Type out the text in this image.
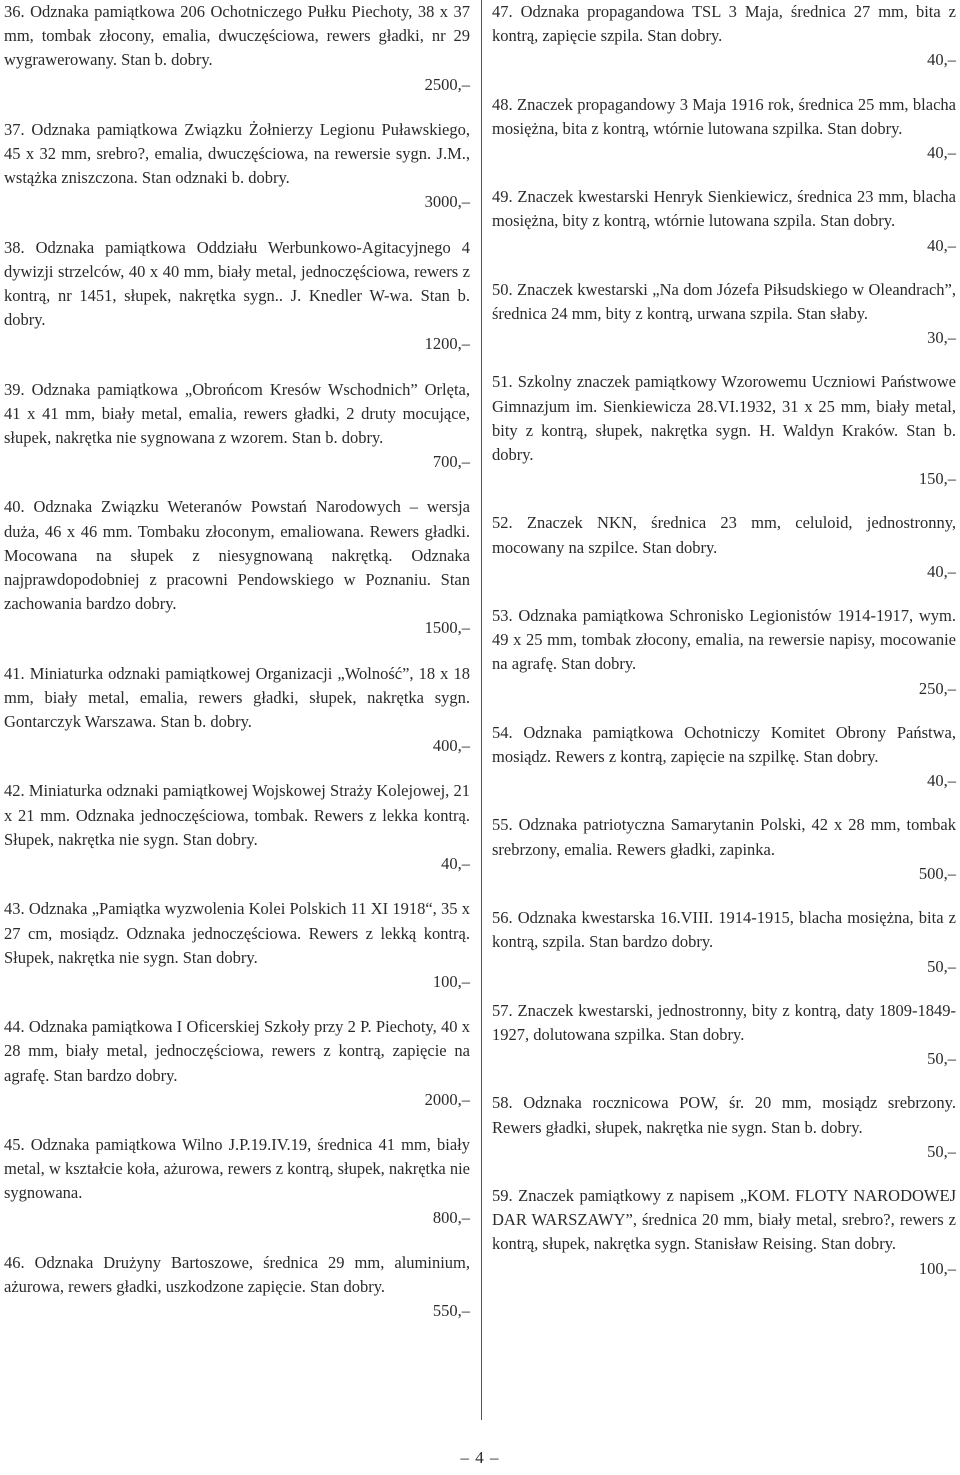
36. Odznaka pamiątkowa 206 Ochotniczego Pułku Piechoty, 38 x 37 mm, tombak złocony, emalia, dwuczęściowa, rewers gładki, nr 29 wygrawerowany. Stan b. dobry.

2500,–

37. Odznaka pamiątkowa Związku Żołnierzy Legionu Puławskiego, 45 x 32 mm, srebro?, emalia, dwuczęściowa, na rewersie sygn. J.M., wstążka zniszczona. Stan odznaki b. dobry.

3000,–

38. Odznaka pamiątkowa Oddziału Werbunkowo-Agitacyjnego 4 dywizji strzelców, 40 x 40 mm, biały metal, jednoczęściowa, rewers z kontrą, nr 1451, słupek, nakrętka sygn.. J. Knedler W-wa. Stan b. dobry.

1200,–

39. Odznaka pamiątkowa „Obrońcom Kresów Wschodnich” Orlęta, 41 x 41 mm, biały metal, emalia, rewers gładki, 2 druty mocujące, słupek, nakrętka nie sygnowana z wzorem. Stan b. dobry.

700,–

40. Odznaka Związku Weteranów Powstań Narodowych – wersja duża, 46 x 46 mm. Tombaku złoconym, emaliowana. Rewers gładki. Mocowana na słupek z niesygnowaną nakrętką. Odznaka najprawdopodobniej z pracowni Pendowskiego w Poznaniu. Stan zachowania bardzo dobry.

1500,–

41. Miniaturka odznaki pamiątkowej Organizacji „Wolność”, 18 x 18 mm, biały metal, emalia, rewers gładki, słupek, nakrętka sygn. Gontarczyk Warszawa. Stan b. dobry.

400,–

42. Miniaturka odznaki pamiątkowej Wojskowej Straży Kolejowej, 21 x 21 mm. Odznaka jednoczęściowa, tombak. Rewers z lekka kontrą. Słupek, nakrętka nie sygn. Stan dobry.

40,–

43. Odznaka „Pamiątka wyzwolenia Kolei Polskich 11 XI 1918“, 35 x 27 cm, mosiądz. Odznaka jednoczęściowa. Rewers z lekką kontrą. Słupek, nakrętka nie sygn. Stan dobry.

100,–

44. Odznaka pamiątkowa I Oficerskiej Szkoły przy 2 P. Piechoty, 40 x 28 mm, biały metal, jednoczęściowa, rewers z kontrą, zapięcie na agrafę. Stan bardzo dobry.

2000,–

45. Odznaka pamiątkowa Wilno J.P.19.IV.19, średnica 41 mm, biały metal, w kształcie koła, ażurowa, rewers z kontrą, słupek, nakrętka nie sygnowana.

800,–

46. Odznaka Drużyny Bartoszowe, średnica 29 mm, aluminium, ażurowa, rewers gładki, uszkodzone zapięcie. Stan dobry.

550,–

47. Odznaka propagandowa TSL 3 Maja, średnica 27 mm, bita z kontrą, zapięcie szpila. Stan dobry.

40,–

48. Znaczek propagandowy 3 Maja 1916 rok, średnica 25 mm, blacha mosiężna, bita z kontrą, wtórnie lutowana szpilka. Stan dobry.

40,–

49. Znaczek kwestarski Henryk Sienkiewicz, średnica 23 mm, blacha mosiężna, bity z kontrą, wtórnie lutowana szpila. Stan dobry.

40,–

50. Znaczek kwestarski „Na dom Józefa Piłsudskiego w Oleandrach”, średnica 24 mm, bity z kontrą, urwana szpila. Stan słaby.

30,–

51. Szkolny znaczek pamiątkowy Wzorowemu Uczniowi Państwowe Gimnazjum im. Sienkiewicza 28.VI.1932, 31 x 25 mm, biały metal, bity z kontrą, słupek, nakrętka sygn. H. Waldyn Kraków. Stan b. dobry.

150,–

52. Znaczek NKN, średnica 23 mm, celuloid, jednostronny, mocowany na szpilce. Stan dobry.

40,–

53. Odznaka pamiątkowa Schronisko Legionistów 1914-1917, wym. 49 x 25 mm, tombak złocony, emalia, na rewersie napisy, mocowanie na agrafę. Stan dobry.

250,–

54. Odznaka pamiątkowa Ochotniczy Komitet Obrony Państwa, mosiądz. Rewers z kontrą, zapięcie na szpilkę. Stan dobry.

40,–

55. Odznaka patriotyczna Samarytanin Polski, 42 x 28 mm, tombak srebrzony, emalia. Rewers gładki, zapinka.

500,–

56. Odznaka kwestarska 16.VIII. 1914-1915, blacha mosiężna, bita z kontrą, szpila. Stan bardzo dobry.

50,–

57. Znaczek kwestarski, jednostronny, bity z kontrą, daty 1809-1849-1927, dolutowana szpilka. Stan dobry.

50,–

58. Odznaka rocznicowa POW, śr. 20 mm, mosiądz srebrzony. Rewers gładki, słupek, nakrętka nie sygn. Stan b. dobry.

50,–

59. Znaczek pamiątkowy z napisem „KOM. FLOTY NARODOWEJ DAR WARSZAWY”, średnica 20 mm, biały metal, srebro?, rewers z kontrą, słupek, nakrętka sygn. Stanisław Reising. Stan dobry.

100,–

– 4 –
